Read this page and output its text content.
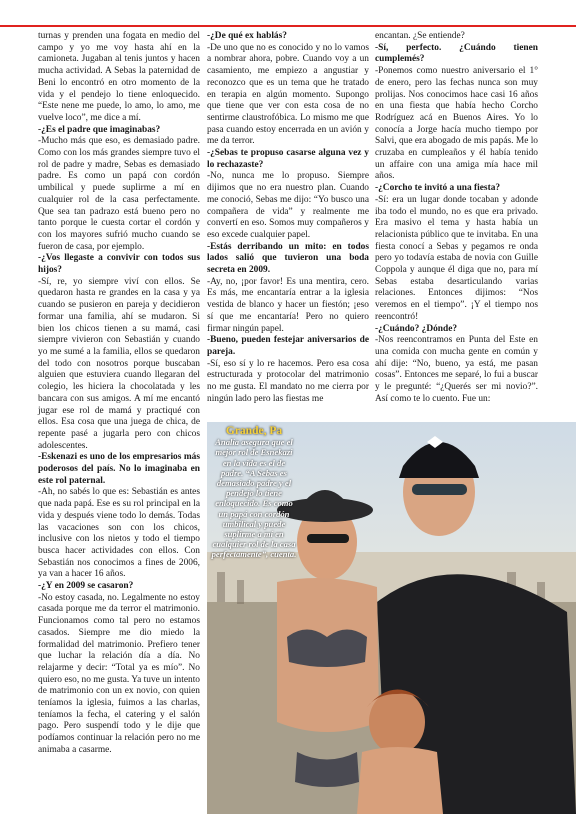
turnas y prenden una fogata en medio del campo y yo me voy hasta ahí en la camioneta. Jugaban al tenis juntos y hacen mucha actividad. A Sebas la paternidad de Beni lo encontró en otro momento de la vida y el pendejo lo tiene enloquecido. “Este nene me puede, lo amo, lo amo, me vuelve loco”, me dice a mí.

-¿Es el padre que imaginabas?

-Mucho más que eso, es demasiado padre. Como con los más grandes siempre tuvo el rol de padre y madre, Sebas es demasiado padre. Es como un papá con cordón umbilical y puede suplirme a mí en cualquier rol de la casa perfectamente. Que sea tan padrazo está bueno pero no tanto porque le cuesta cortar el cordón y con los mayores sufrió mucho cuando se fueron de casa, por ejemplo.

-¿Vos llegaste a convivir con todos sus hijos?

-Sí, re, yo siempre viví con ellos. Se quedaron hasta re grandes en la casa y ya cuando se pusieron en pareja y decidieron formar una familia, ahí se mudaron. Si bien los chicos tienen a su mamá, casi siempre vivieron con Sebastián y cuando yo me sumé a la familia, ellos se quedaron del todo con nosotros porque buscaban alguien que estuviera cuando llegaran del colegio, les hiciera la chocolatada y les bancara con sus amigos. A mí me encantó jugar ese rol de mamá y practiqué con ellos. Esa cosa que una juega de chica, de repente pasé a jugarla pero con chicos adolescentes.

-Eskenazi es uno de los empresarios más poderosos del país. No lo imaginaba en este rol paternal.

-Ah, no sabés lo que es: Sebastián es antes que nada papá. Ese es su rol principal en la vida y después viene todo lo demás. Todas las vacaciones son con los chicos, inclusive con los nietos y todo el tiempo busca hacer actividades con ellos. Con Sebastián nos conocimos a fines de 2006, ya van a hacer 16 años.

-¿Y en 2009 se casaron?

-No estoy casada, no. Legalmente no estoy casada porque me da terror el matrimonio. Funcionamos como tal pero no estamos casados. Siempre me dio miedo la formalidad del matrimonio. Prefiero tener que luchar la relación día a día. No relajarme y decir: “Total ya es mío”. No quiero eso, no me gusta. Ya tuve un intento de matrimonio con un ex novio, con quien teníamos la iglesia, fuimos a las charlas, teníamos la fecha, el catering y el salón pago. Pero suspendí todo y le dije que podíamos continuar la relación pero no me animaba a casarme.

-¿De qué ex hablás?

-De uno que no es conocido y no lo vamos a nombrar ahora, pobre. Cuando voy a un casamiento, me empiezo a angustiar y reconozco que es un tema que he tratado en terapia en algún momento. Supongo que tiene que ver con esta cosa de no sentirme claustrofóbica. Lo mismo me que pasa cuando estoy encerrada en un avión y me da terror.

-¿Sebas te propuso casarse alguna vez y lo rechazaste?

-No, nunca me lo propuso. Siempre dijimos que no era nuestro plan. Cuando me conoció, Sebas me dijo: “Yo busco una compañera de vida” y realmente me convertí en eso. Somos muy compañeros y eso excede cualquier papel.

-Estás derribando un mito: en todos lados salió que tuvieron una boda secreta en 2009.

-Ay, no, ¡por favor! Es una mentira, cero. Es más, me encantaría entrar a la iglesia vestida de blanco y hacer un fiestón; ¡eso sí que me encantaría! Pero no quiero firmar ningún papel.

-Bueno, pueden festejar aniversarios de pareja.

-Sí, eso sí y lo re hacemos. Pero esa cosa estructurada y protocolar del matrimonio no me gusta. El mandato no me cierra por ningún lado pero las fiestas me

encantan. ¿Se entiende?

-Sí, perfecto. ¿Cuándo tienen cumplemés?

-Ponemos como nuestro aniversario el 1° de enero, pero las fechas nunca son muy prolijas. Nos conocimos hace casi 16 años en una fiesta que había hecho Corcho Rodríguez acá en Buenos Aires. Yo lo conocía a Jorge hacía mucho tiempo por Salvi, que era abogado de mis papás. Me lo cruzaba en cumpleaños y él había tenido un affaire con una amiga mía hace mil años.

-¿Corcho te invitó a una fiesta?

-Sí: era un lugar donde tocaban y adonde iba todo el mundo, no es que era privado. Era masivo el tema y hasta había un relacionista público que te invitaba. En una fiesta conocí a Sebas y pegamos re onda pero yo todavía estaba de novia con Guille Coppola y aunque él diga que no, para mí Sebas estaba desarticulando varias relaciones. Entonces dijimos: “Nos veremos en el tiempo”. ¡Y el tiempo nos reencontró!

-¿Cuándo? ¿Dónde?

-Nos reencontramos en Punta del Este en una comida con mucha gente en común y ahí dije: “No, bueno, ya está, me pasan cosas”. Entonces me separé, lo fui a buscar y le pregunté: “¿Querés ser mi novio?”. Así como te lo cuento. Fue un:

Grande, Pa
Analía asegura que el mejor rol de Esnekazi en la vida es el de padre. “A Sebas es demasiado padre y el pendejo lo tiene enloquecido. Es como un papá con cordón umbilical y puede suplirme a mí en cualquier rol de la casa perfectamente”, cuenta.
